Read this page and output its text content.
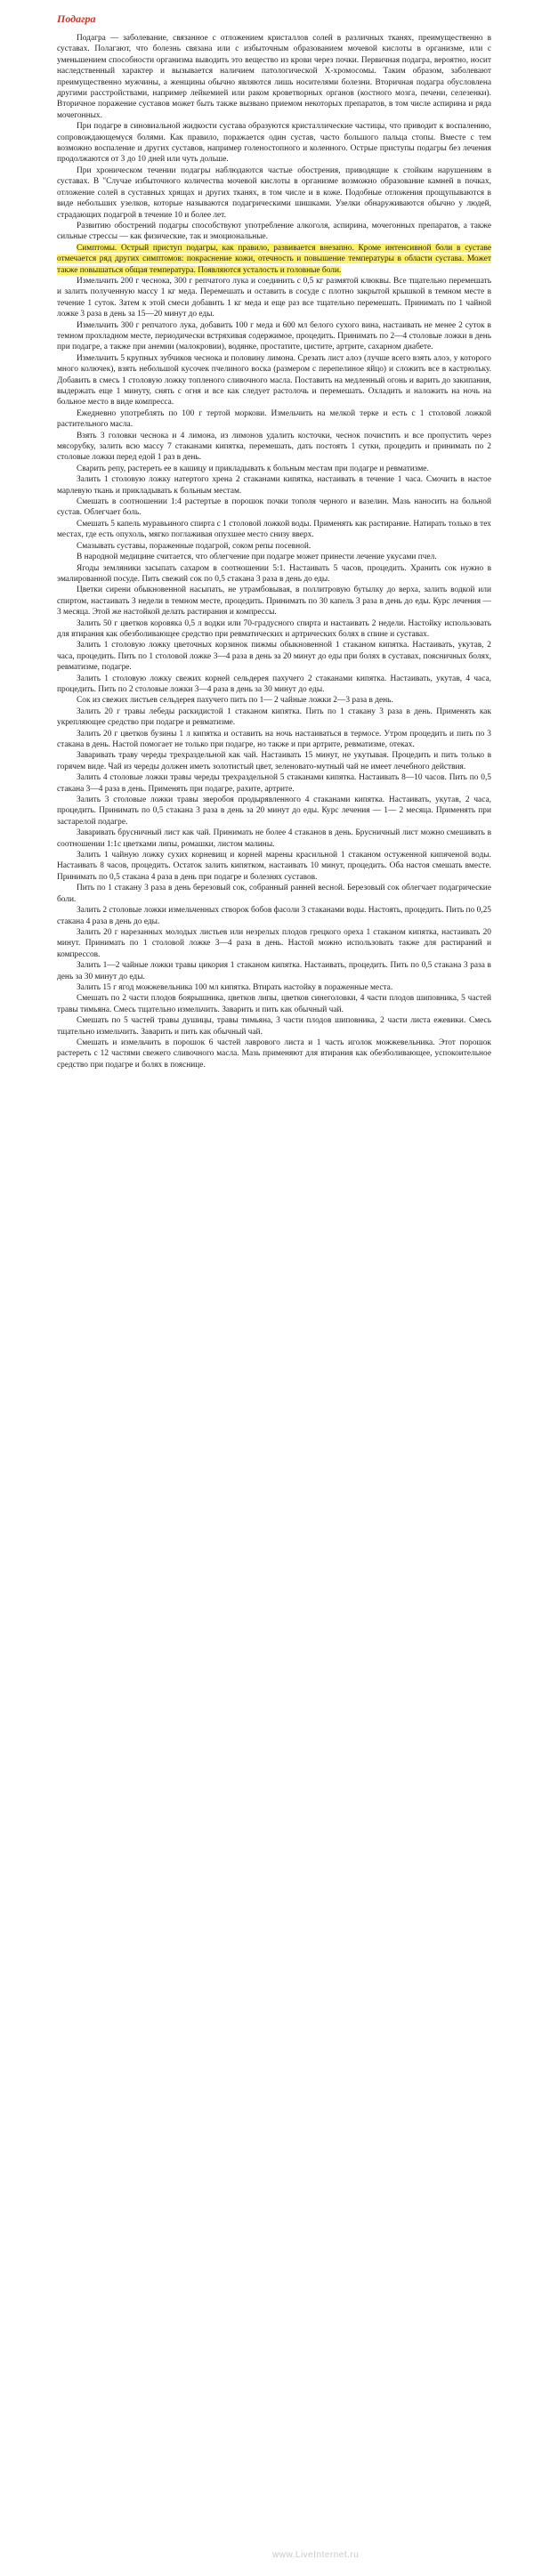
Подагра

Подагра — заболевание, связанное с отложением кристаллов солей в различных тканях, преимущественно в суставах. Полагают, что болезнь связана или с избыточным образованием мочевой кислоты в организме, или с уменьшением способности организма выводить это вещество из крови через почки. Первичная подагра, вероятно, носит наследственный характер и вызывается наличием патологической X-хромосомы. Таким образом, заболевают преимущественно мужчины, а женщины обычно являются лишь носителями болезни. Вторичная подагра обусловлена другими расстройствами, например лейкемией или раком кроветворных органов (костного мозга, печени, селезенки). Вторичное поражение суставов может быть также вызвано приемом некоторых препаратов, в том числе аспирина и ряда мочегонных.

При подагре в синовиальной жидкости сустава образуются кристаллические частицы, что приводит к воспалению, сопровождающемуся болями. Как правило, поражается один сустав, часто большого пальца стопы. Вместе с тем возможно воспаление и других суставов, например голеностопного и коленного. Острые приступы подагры без лечения продолжаются от 3 до 10 дней или чуть дольше.

При хроническом течении подагры наблюдаются частые обострения, приводящие к стойким нарушениям в суставах. В "Случае избыточного количества мочевой кислоты в организме возможно образование камней в почках, отложение солей в суставных хрящах и других тканях, в том числе и в коже. Подобные отложения прощупываются в виде небольших узелков, которые называются подагрическими шишками. Узелки обнаруживаются обычно у людей, страдающих подагрой в течение 10 и более лет.

Развитию обострений подагры способствуют употребление алкоголя, аспирина, мочегонных препаратов, а также сильные стрессы — как физические, так и эмоциональные.

Симптомы. Острый приступ подагры, как правило, развивается внезапно. Кроме интенсивной боли в суставе отмечается ряд других симптомов: покраснение кожи, отечность и повышение температуры в области сустава. Может также повышаться общая температура. Появляются усталость и головные боли.

Измельчить 200 г чеснока, 300 г репчатого лука и соединить с 0,5 кг размятой клюквы. Все тщательно перемешать и залить полученную массу 1 кг меда. Перемешать и оставить в сосуде с плотно закрытой крышкой в темном месте в течение 1 суток. Затем к этой смеси добавить 1 кг меда и еще раз все тщательно перемешать. Принимать по 1 чайной ложке 3 раза в день за 15—20 минут до еды.

Измельчить 300 г репчатого лука, добавить 100 г меда и 600 мл белого сухого вина, настаивать не менее 2 суток в темном прохладном месте, периодически встряхивая содержимое, процедить. Принимать по 2—4 столовые ложки в день при подагре, а также при анемии (малокровии), водянке, простатите, цистите, артрите, сахарном диабете.

Измельчить 5 крупных зубчиков чеснока и половину лимона. Срезать лист алоэ (лучше всего взять алоэ, у которого много колючек), взять небольшой кусочек пчелиного воска (размером с перепелиное яйцо) и сложить все в кастрюльку. Добавить в смесь 1 столовую ложку топленого сливочного масла. Поставить на медленный огонь и варить до закипания, выдержать еще 1 минуту, снять с огня и все как следует растолочь и перемешать. Охладить и наложить на ночь на больное место в виде компресса.

Ежедневно употреблять по 100 г тертой моркови. Измельчить на мелкой терке и есть с 1 столовой ложкой растительного масла.

Взять 3 головки чеснока и 4 лимона, из лимонов удалить косточки, чеснок почистить и все пропустить через мясорубку, залить всю массу 7 стаканами кипятка, перемешать, дать постоять 1 сутки, процедить и принимать по 2 столовые ложки перед едой 1 раз в день.

Сварить репу, растереть ее в кашицу и прикладывать к больным местам при подагре и ревматизме.

Залить 1 столовую ложку натертого хрена 2 стаканами кипятка, настаивать в течение 1 часа. Смочить в настое марлевую ткань и прикладывать к больным местам.

Смешать в соотношении 1:4 растертые в порошок почки тополя черного и вазелин. Мазь наносить на больной сустав. Облегчает боль.

Смешать 5 капель муравьиного спирта с 1 столовой ложкой воды. Применять как растирание. Натирать только в тех местах, где есть опухоль, мягко поглаживая опухшее место снизу вверх.

Смазывать суставы, пораженные подагрой, соком репы посевной.

В народной медицине считается, что облегчение при подагре может принести лечение укусами пчел.

Ягоды земляники засыпать сахаром в соотношении 5:1. Настаивать 5 часов, процедить. Хранить сок нужно в эмалированной посуде. Пить свежий сок по 0,5 стакана 3 раза в день до еды.

Цветки сирени обыкновенной насыпать, не утрамбовывая, в поллитровую бутылку до верха, залить водкой или спиртом, настаивать 3 недели в темном месте, процедить. Принимать по 30 капель 3 раза в день до еды. Курс лечения — 3 месяца. Этой же настойкой делать растирания и компрессы.

Залить 50 г цветков коровяка 0,5 л водки или 70-градусного спирта и настаивать 2 недели. Настойку использовать для втирания как обезболивающее средство при ревматических и артрических болях в спине и суставах.

Залить 1 столовую ложку цветочных корзинок пижмы обыкновенной 1 стаканом кипятка. Настаивать, укутав, 2 часа, процедить. Пить по 1 столовой ложке 3—4 раза в день за 20 минут до еды при болях в суставах, поясничных болях, ревматизме, подагре.

Залить 1 столовую ложку свежих корней сельдерея пахучего 2 стаканами кипятка. Настаивать, укутав, 4 часа, процедить. Пить по 2 столовые ложки 3—4 раза в день за 30 минут до еды.

Сок из свежих листьев сельдерея пахучего пить по 1— 2 чайные ложки 2—3 раза в день.

Залить 20 г травы лебеды раскидистой 1 стаканом кипятка. Пить по 1 стакану 3 раза в день. Применять как укрепляющее средство при подагре и ревматизме.

Залить 20 г цветков бузины 1 л кипятка и оставить на ночь настаиваться в термосе. Утром процедить и пить по 3 стакана в день. Настой помогает не только при подагре, но также и при артрите, ревматизме, отеках.

Заваривать траву череды трехраздельной как чай. Настаивать 15 минут, не укутывая. Процедить и пить только в горячем виде. Чай из череды должен иметь золотистый цвет, зеленовато-мутный чай не имеет лечебного действия.

Залить 4 столовые ложки травы череды трехраздельной 5 стаканами кипятка. Настаивать 8—10 часов. Пить по 0,5 стакана 3—4 раза в день. Применять при подагре, рахите, артрите.

Залить 3 столовые ложки травы зверобоя продырявленного 4 стаканами кипятка. Настаивать, укутав, 2 часа, процедить. Принимать по 0,5 стакана 3 раза в день за 20 минут до еды. Курс лечения — 1— 2 месяца. Применять при застарелой подагре.

Заваривать брусничный лист как чай. Принимать не более 4 стаканов в день. Брусничный лист можно смешивать в соотношении 1:1с цветками липы, ромашки, листом малины.

Залить 1 чайную ложку сухих корневищ и корней марены красильной 1 стаканом остуженной кипяченой воды. Настаивать 8 часов, процедить. Остаток залить кипятком, настаивать 10 минут, процедить. Оба настоя смешать вместе. Принимать по 0,5 стакана 4 раза в день при подагре и болезнях суставов.

Пить по 1 стакану 3 раза в день березовый сок, собранный ранней весной. Березовый сок облегчает подагрические боли.

Залить 2 столовые ложки измельченных створок бобов фасоли 3 стаканами воды. Настоять, процедить. Пить по 0,25 стакана 4 раза в день до еды.

Залить 20 г нарезанных молодых листьев или незрелых плодов грецкого ореха 1 стаканом кипятка, настаивать 20 минут. Принимать по 1 столовой ложке 3—4 раза в день. Настой можно использовать также для растираний и компрессов.

Залить 1—2 чайные ложки травы цикория 1 стаканом кипятка. Настаивать, процедить. Пить по 0,5 стакана 3 раза в день за 30 минут до еды.

Залить 15 г ягод можжевельника 100 мл кипятка. Втирать настойку в пораженные места.

Смешать по 2 части плодов боярышника, цветков липы, цветков синеголовки, 4 части плодов шиповника, 5 частей травы тимьяна. Смесь тщательно измельчить. Заварить и пить как обычный чай.

Смешать по 5 частей травы душицы, травы тимьяна, 3 части плодов шиповника, 2 части листа ежевики. Смесь тщательно измельчить. Заварить и пить как обычный чай.

Смешать и измельчить в порошок 6 частей лаврового листа и 1 часть иголок можжевельника. Этот порошок растереть с 12 частями свежего сливочного масла. Мазь применяют для втирания как обезболивающее, успокоительное средство при подагре и болях в пояснице.

www.LiveInternet.ru
